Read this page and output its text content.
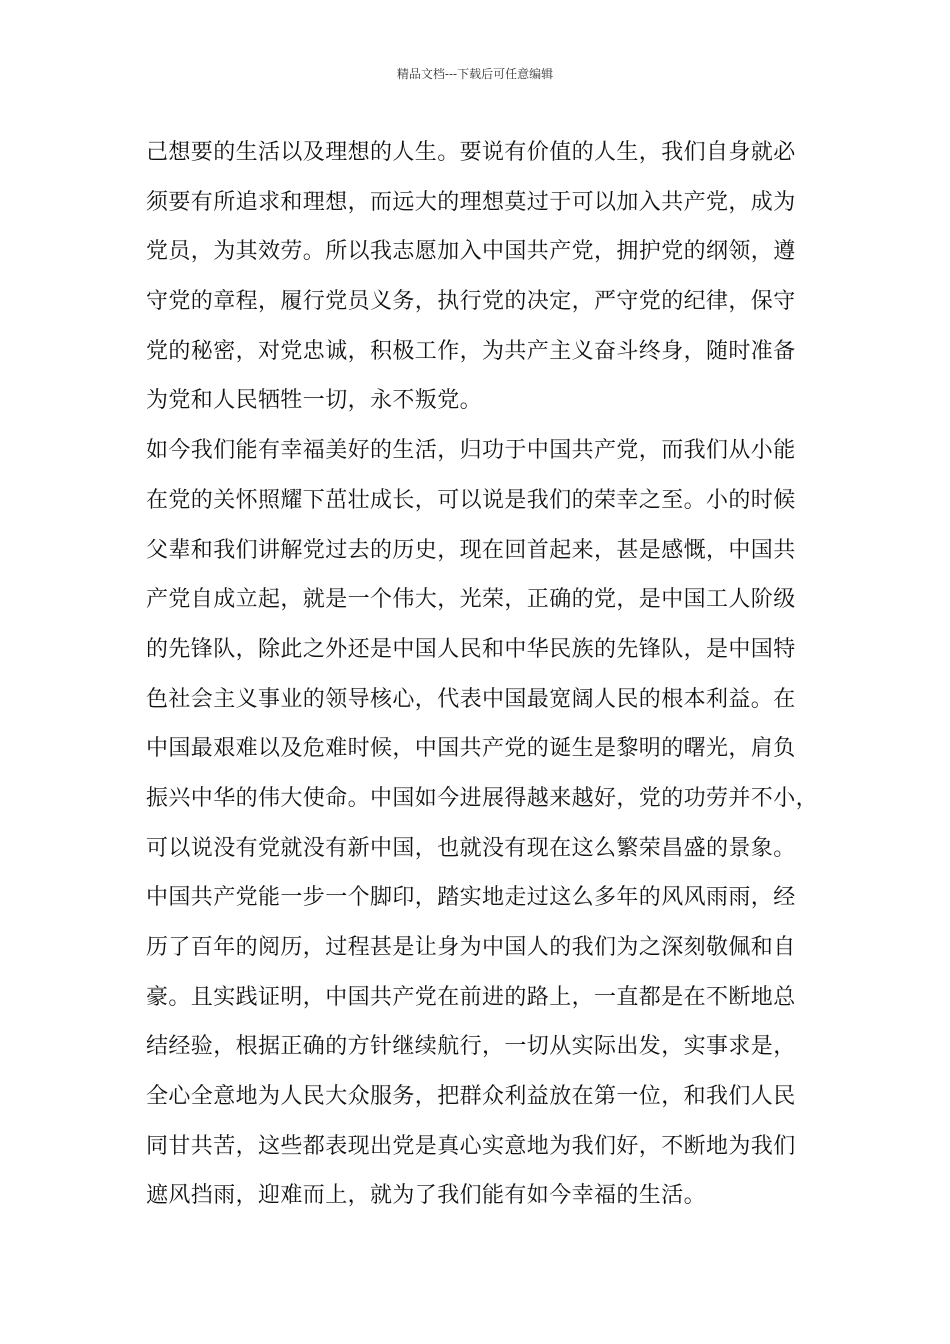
精品文档---下载后可任意编辑
己想要的生活以及理想的人生。要说有价值的人生，我们自身就必
须要有所追求和理想，而远大的理想莫过于可以加入共产党，成为
党员，为其效劳。所以我志愿加入中国共产党，拥护党的纲领，遵
守党的章程，履行党员义务，执行党的决定，严守党的纪律，保守
党的秘密，对党忠诚，积极工作，为共产主义奋斗终身，随时准备
为党和人民牺牲一切，永不叛党。
如今我们能有幸福美好的生活，归功于中国共产党，而我们从小能
在党的关怀照耀下茁壮成长，可以说是我们的荣幸之至。小的时候
父辈和我们讲解党过去的历史，现在回首起来，甚是感慨，中国共
产党自成立起，就是一个伟大，光荣，正确的党，是中国工人阶级
的先锋队，除此之外还是中国人民和中华民族的先锋队，是中国特
色社会主义事业的领导核心，代表中国最宽阔人民的根本利益。在
中国最艰难以及危难时候，中国共产党的诞生是黎明的曙光，肩负
振兴中华的伟大使命。中国如今进展得越来越好，党的功劳并不小，
可以说没有党就没有新中国，也就没有现在这么繁荣昌盛的景象。
中国共产党能一步一个脚印，踏实地走过这么多年的风风雨雨，经
历了百年的阅历，过程甚是让身为中国人的我们为之深刻敬佩和自
豪。且实践证明，中国共产党在前进的路上，一直都是在不断地总
结经验，根据正确的方针继续航行，一切从实际出发，实事求是，
全心全意地为人民大众服务，把群众利益放在第一位，和我们人民
同甘共苦，这些都表现出党是真心实意地为我们好，不断地为我们
遮风挡雨，迎难而上，就为了我们能有如今幸福的生活。
